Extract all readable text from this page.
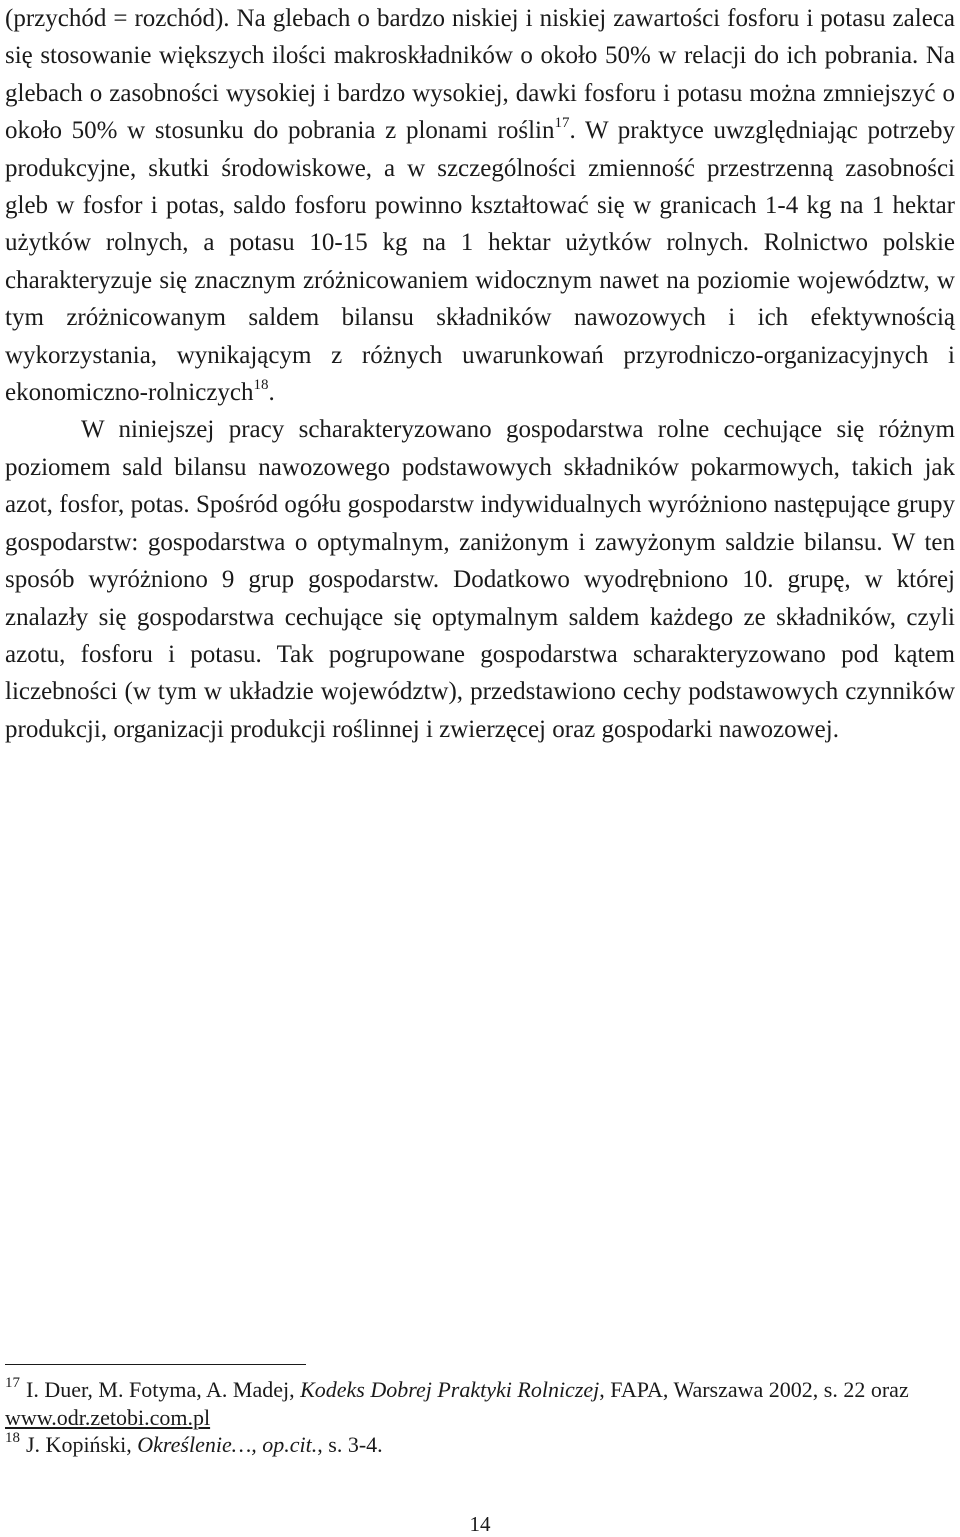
(przychód = rozchód). Na glebach o bardzo niskiej i niskiej zawartości fosforu i potasu zaleca się stosowanie większych ilości makroskładników o około 50% w relacji do ich pobrania. Na glebach o zasobności wysokiej i bardzo wysokiej, dawki fosforu i potasu można zmniejszyć o około 50% w stosunku do pobrania z plonami roślin$^{17}$. W praktyce uwzględniając potrzeby produkcyjne, skutki środowiskowe, a w szczególności zmienność przestrzenną zasobności gleb w fosfor i potas, saldo fosforu powinno kształtować się w granicach 1-4 kg na 1 hektar użytków rolnych, a potasu 10-15 kg na 1 hektar użytków rolnych. Rolnictwo polskie charakteryzuje się znacznym zróżnicowaniem widocznym nawet na poziomie województw, w tym zróżnicowanym saldem bilansu składników nawozowych i ich efektywnością wykorzystania, wynikającym z różnych uwarunkowań przyrodniczo-organizacyjnych i ekonomiczno-rolniczych$^{18}$.

W niniejszej pracy scharakteryzowano gospodarstwa rolne cechujące się różnym poziomem sald bilansu nawozowego podstawowych składników pokarmowych, takich jak azot, fosfor, potas. Spośród ogółu gospodarstw indywidualnych wyróżniono następujące grupy gospodarstw: gospodarstwa o optymalnym, zaniżonym i zawyżonym saldzie bilansu. W ten sposób wyróżniono 9 grup gospodarstw. Dodatkowo wyodrębniono 10. grupę, w której znalazły się gospodarstwa cechujące się optymalnym saldem każdego ze składników, czyli azotu, fosforu i potasu. Tak pogrupowane gospodarstwa scharakteryzowano pod kątem liczebności (w tym w układzie województw), przedstawiono cechy podstawowych czynników produkcji, organizacji produkcji roślinnej i zwierzęcej oraz gospodarki nawozowej.

$^{17}$ I. Duer, M. Fotyma, A. Madej, Kodeks Dobrej Praktyki Rolniczej, FAPA, Warszawa 2002, s. 22 oraz www.odr.zetobi.com.pl

$^{18}$ J. Kopiński, Określenie…, op.cit., s. 3-4.

14
